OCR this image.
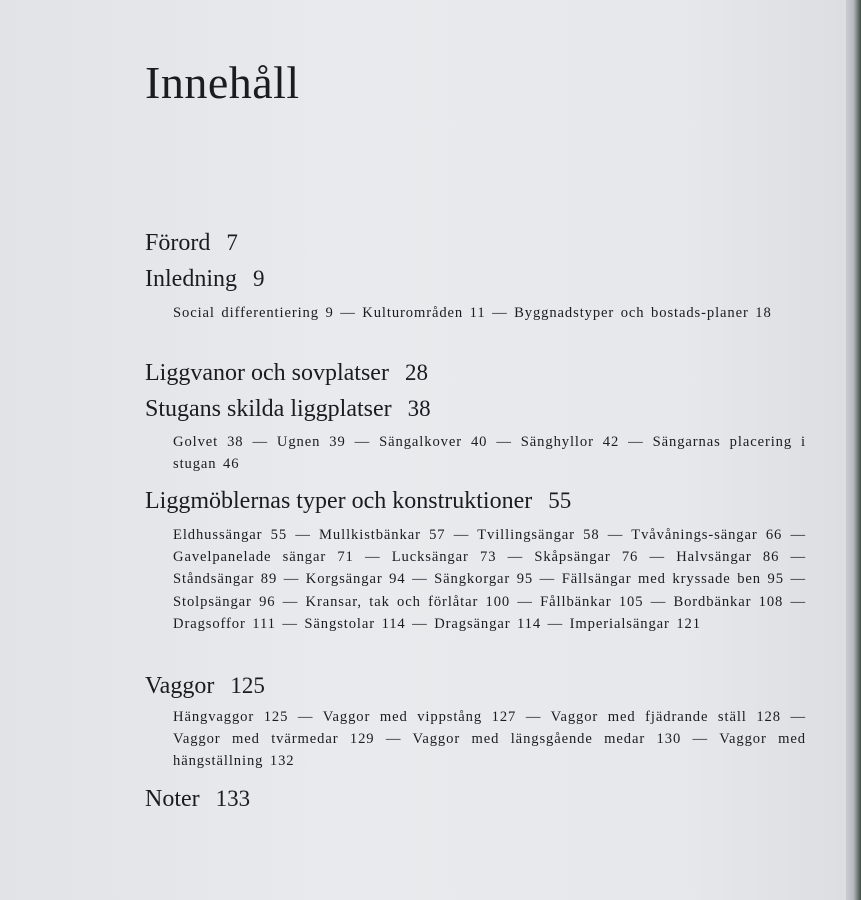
Innehåll
Förord 7
Inledning 9
Social differentiering 9 — Kulturområden 11 — Byggnadstyper och bostads-planer 18
Liggvanor och sovplatser 28
Stugans skilda liggplatser 38
Golvet 38 — Ugnen 39 — Sängalkover 40 — Sänghyllor 42 — Sängarnas placering i stugan 46
Liggmöblernas typer och konstruktioner 55
Eldhussängar 55 — Mullkistbänkar 57 — Tvillingsängar 58 — Tvåvånings-sängar 66 — Gavelpanelade sängar 71 — Lucksängar 73 — Skåpsängar 76 — Halvsängar 86 — Ståndsängar 89 — Korgsängar 94 — Sängkorgar 95 — Fällsängar med kryssade ben 95 — Stolpsängar 96 — Kransar, tak och förlåtar 100 — Fållbänkar 105 — Bordbänkar 108 — Dragsoffor 111 — Sängstolar 114 — Dragsängar 114 — Imperialsängar 121
Vaggor 125
Hängvaggor 125 — Vaggor med vippstång 127 — Vaggor med fjädrande ställ 128 — Vaggor med tvärmedar 129 — Vaggor med längsgående medar 130 — Vaggor med hängställning 132
Noter 133
